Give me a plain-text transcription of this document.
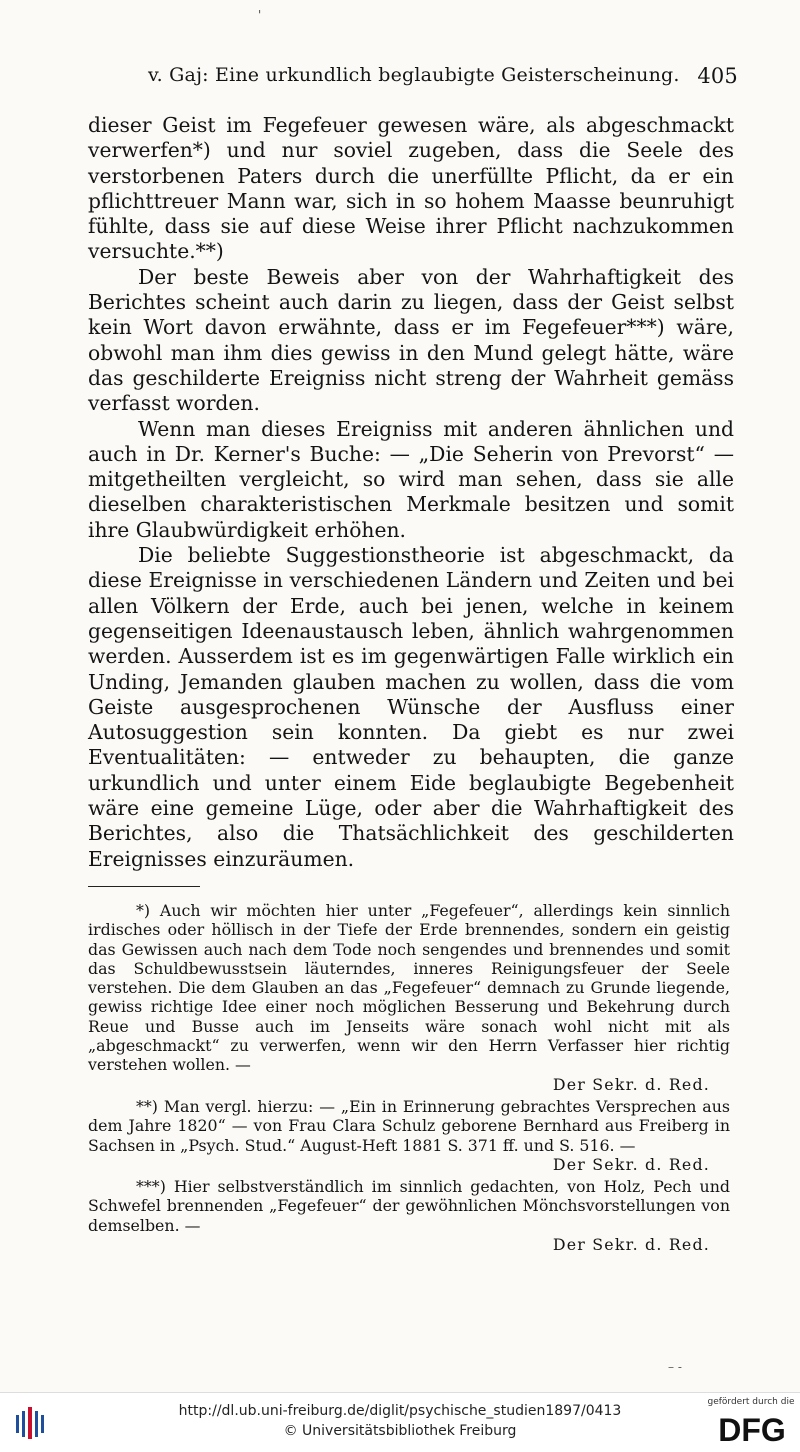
'
v. Gaj: Eine urkundlich beglaubigte Geisterscheinung. 405

dieser Geist im Fegefeuer gewesen wäre, als abgeschmackt verwerfen*) und nur soviel zugeben, dass die Seele des verstorbenen Paters durch die unerfüllte Pflicht, da er ein pflichttreuer Mann war, sich in so hohem Maasse beunruhigt fühlte, dass sie auf diese Weise ihrer Pflicht nachzukommen versuchte.**)

Der beste Beweis aber von der Wahrhaftigkeit des Berichtes scheint auch darin zu liegen, dass der Geist selbst kein Wort davon erwähnte, dass er im Fegefeuer***) wäre, obwohl man ihm dies gewiss in den Mund gelegt hätte, wäre das geschilderte Ereigniss nicht streng der Wahrheit gemäss verfasst worden.

Wenn man dieses Ereigniss mit anderen ähnlichen und auch in Dr. Kerner's Buche: — „Die Seherin von Prevorst“ — mitgetheilten vergleicht, so wird man sehen, dass sie alle dieselben charakteristischen Merkmale besitzen und somit ihre Glaubwürdigkeit erhöhen.

Die beliebte Suggestionstheorie ist abgeschmackt, da diese Ereignisse in verschiedenen Ländern und Zeiten und bei allen Völkern der Erde, auch bei jenen, welche in keinem gegenseitigen Ideenaustausch leben, ähnlich wahrgenommen werden. Ausserdem ist es im gegenwärtigen Falle wirklich ein Unding, Jemanden glauben machen zu wollen, dass die vom Geiste ausgesprochenen Wünsche der Ausfluss einer Autosuggestion sein konnten. Da giebt es nur zwei Eventualitäten: — entweder zu behaupten, die ganze urkundlich und unter einem Eide beglaubigte Begebenheit wäre eine gemeine Lüge, oder aber die Wahrhaftigkeit des Berichtes, also die Thatsächlichkeit des geschilderten Ereignisses einzuräumen.

*) Auch wir möchten hier unter „Fegefeuer“, allerdings kein sinnlich irdisches oder höllisch in der Tiefe der Erde brennendes, sondern ein geistig das Gewissen auch nach dem Tode noch sengendes und brennendes und somit das Schuldbewusstsein läuterndes, inneres Reinigungsfeuer der Seele verstehen. Die dem Glauben an das „Fegefeuer“ demnach zu Grunde liegende, gewiss richtige Idee einer noch möglichen Besserung und Bekehrung durch Reue und Busse auch im Jenseits wäre sonach wohl nicht mit als „abgeschmackt“ zu verwerfen, wenn wir den Herrn Verfasser hier richtig verstehen wollen. —
Der Sekr. d. Red.
**) Man vergl. hierzu: — „Ein in Erinnerung gebrachtes Versprechen aus dem Jahre 1820“ — von Frau Clara Schulz geborene Bernhard aus Freiberg in Sachsen in „Psych. Stud.“ August-Heft 1881 S. 371 ff. und S. 516. —
Der Sekr. d. Red.
***) Hier selbstverständlich im sinnlich gedachten, von Holz, Pech und Schwefel brennenden „Fegefeuer“ der gewöhnlichen Mönchsvorstellungen von demselben. —
Der Sekr. d. Red.
– -
http://dl.ub.uni-freiburg.de/diglit/psychische_studien1897/0413
© Universitätsbibliothek Freiburg
gefördert durch die
DFG
